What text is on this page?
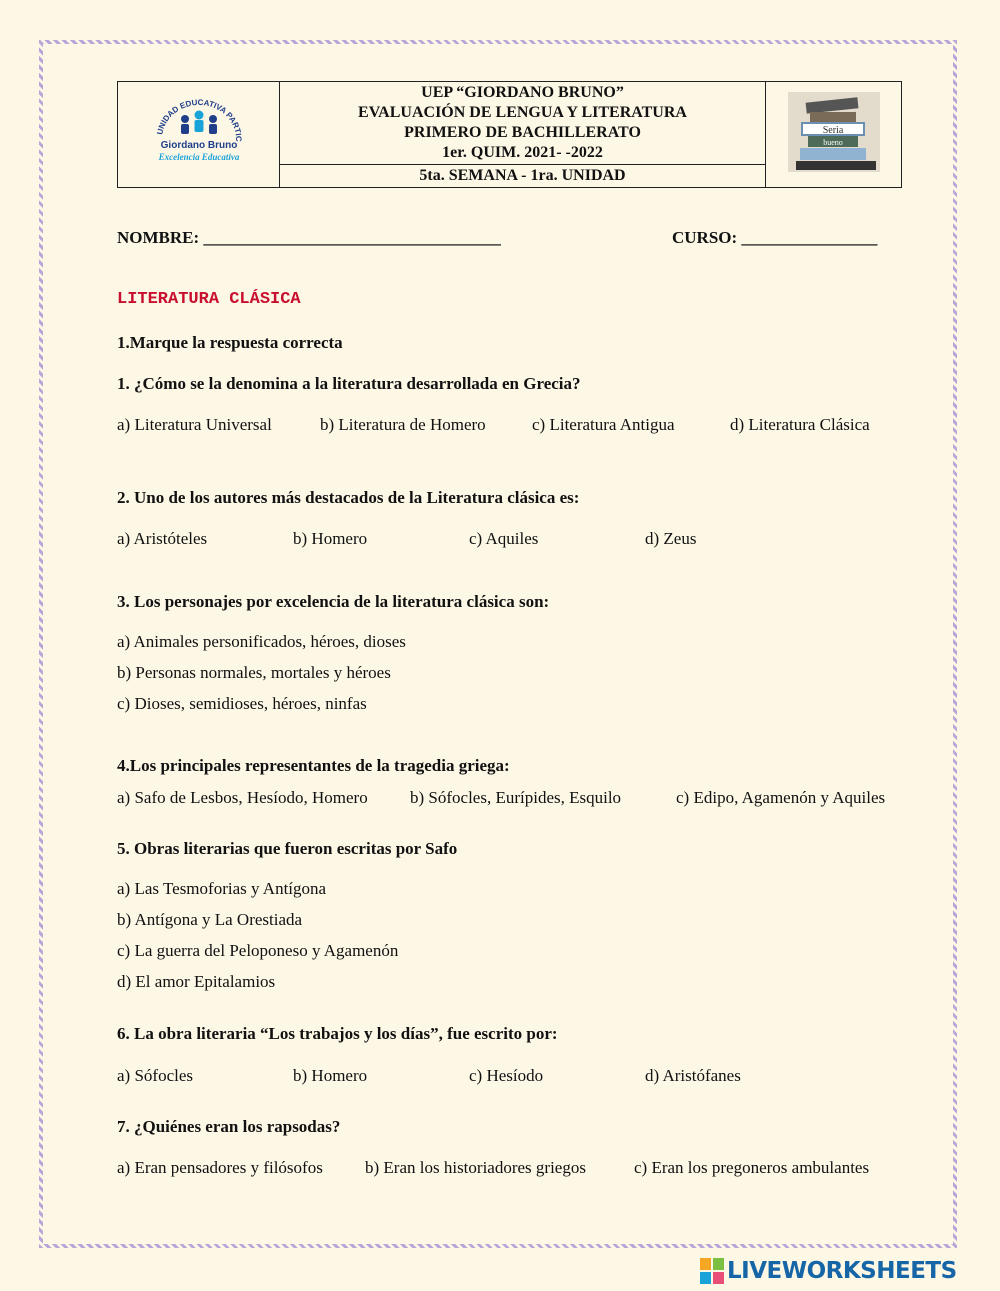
UNIDAD EDUCATIVA PARTIC
Giordano Bruno
Excelencia Educativa

UEP “GIORDANO BRUNO”
EVALUACIÓN DE LENGUA Y LITERATURA
PRIMERO DE BACHILLERATO
1er. QUIM. 2021- -2022

Seria
bueno

5ta. SEMANA - 1ra. UNIDAD
NOMBRE: ___________________________________	CURSO: ________________
LITERATURA CLÁSICA
1.Marque la respuesta correcta
1. ¿Cómo se la denomina a la literatura desarrollada en Grecia?
a) Literatura Universal	b) Literatura de Homero	c) Literatura Antigua	d) Literatura Clásica
2. Uno de los autores más destacados de la Literatura clásica es:
a) Aristóteles	b) Homero	c) Aquiles	d) Zeus
3. Los personajes por excelencia de la literatura clásica son:
a) Animales personificados, héroes, dioses
b) Personas normales, mortales y héroes
c) Dioses, semidioses, héroes, ninfas
4.Los principales representantes de la tragedia griega:
a) Safo de Lesbos, Hesíodo, Homero b) Sófocles, Eurípides, Esquilo	c) Edipo, Agamenón y Aquiles
5. Obras literarias que fueron escritas por Safo
a) Las Tesmoforias y Antígona
b) Antígona y La Orestiada
c) La guerra del Peloponeso y Agamenón
d) El amor Epitalamios
6. La obra literaria “Los trabajos y los días”, fue escrito por:
a) Sófocles	b) Homero	c) Hesíodo	d) Aristófanes
7. ¿Quiénes eran los rapsodas?
a) Eran pensadores y filósofos b) Eran los historiadores griegos	c) Eran los pregoneros ambulantes
LIVEWORKSHEETS
